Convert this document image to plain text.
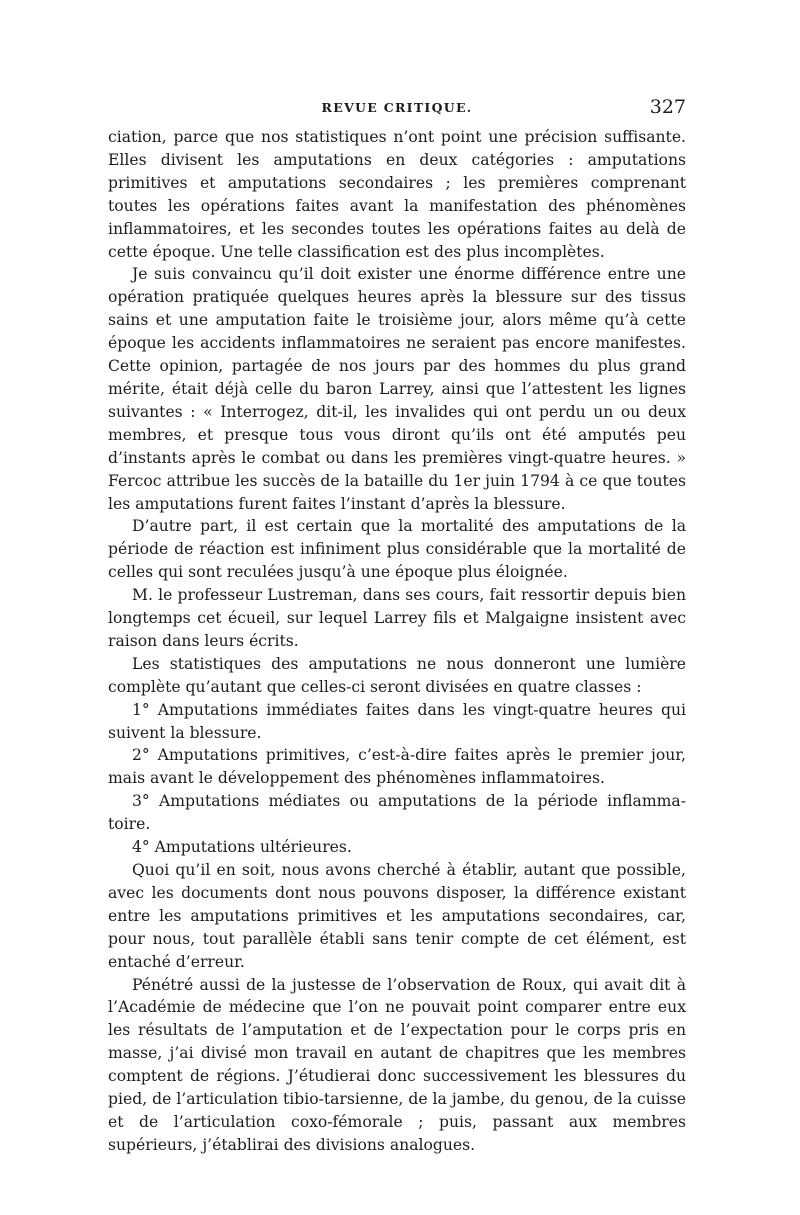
REVUE CRITIQUE.	327

ciation, parce que nos statistiques n’ont point une précision suffisante. Elles divisent les amputations en deux catégories : amputations primitives et amputations secondaires ; les premières comprenant toutes les opérations faites avant la manifestation des phénomènes inflammatoires, et les secondes toutes les opérations faites au delà de cette époque. Une telle classification est des plus incomplètes.

Je suis convaincu qu’il doit exister une énorme différence entre une opération pratiquée quelques heures après la blessure sur des tissus sains et une amputation faite le troisième jour, alors même qu’à cette époque les accidents inflammatoires ne seraient pas encore manifestes. Cette opinion, partagée de nos jours par des hommes du plus grand mérite, était déjà celle du baron Larrey, ainsi que l’attestent les lignes suivantes : « Interrogez, dit-il, les invalides qui ont perdu un ou deux membres, et presque tous vous diront qu’ils ont été amputés peu d’instants après le combat ou dans les premières vingt-quatre heures. » Fercoc attribue les succès de la bataille du 1er juin 1794 à ce que toutes les amputations furent faites l’instant d’après la blessure.

D’autre part, il est certain que la mortalité des amputations de la période de réaction est infiniment plus considérable que la mortalité de celles qui sont reculées jusqu’à une époque plus éloignée.

M. le professeur Lustreman, dans ses cours, fait ressortir depuis bien longtemps cet écueil, sur lequel Larrey fils et Malgaigne insistent avec raison dans leurs écrits.

Les statistiques des amputations ne nous donneront une lumière complète qu’autant que celles-ci seront divisées en quatre classes :

1° Amputations immédiates faites dans les vingt-quatre heures qui suivent la blessure.

2° Amputations primitives, c’est-à-dire faites après le premier jour, mais avant le développement des phénomènes inflammatoires.

3° Amputations médiates ou amputations de la période inflammatoire.

4° Amputations ultérieures.

Quoi qu’il en soit, nous avons cherché à établir, autant que possible, avec les documents dont nous pouvons disposer, la différence existant entre les amputations primitives et les amputations secondaires, car, pour nous, tout parallèle établi sans tenir compte de cet élément, est entaché d’erreur.

Pénétré aussi de la justesse de l’observation de Roux, qui avait dit à l’Académie de médecine que l’on ne pouvait point comparer entre eux les résultats de l’amputation et de l’expectation pour le corps pris en masse, j’ai divisé mon travail en autant de chapitres que les membres comptent de régions. J’étudierai donc successivement les blessures du pied, de l’articulation tibio-tarsienne, de la jambe, du genou, de la cuisse et de l’articulation coxo-fémorale ; puis, passant aux membres supérieurs, j’établirai des divisions analogues.
